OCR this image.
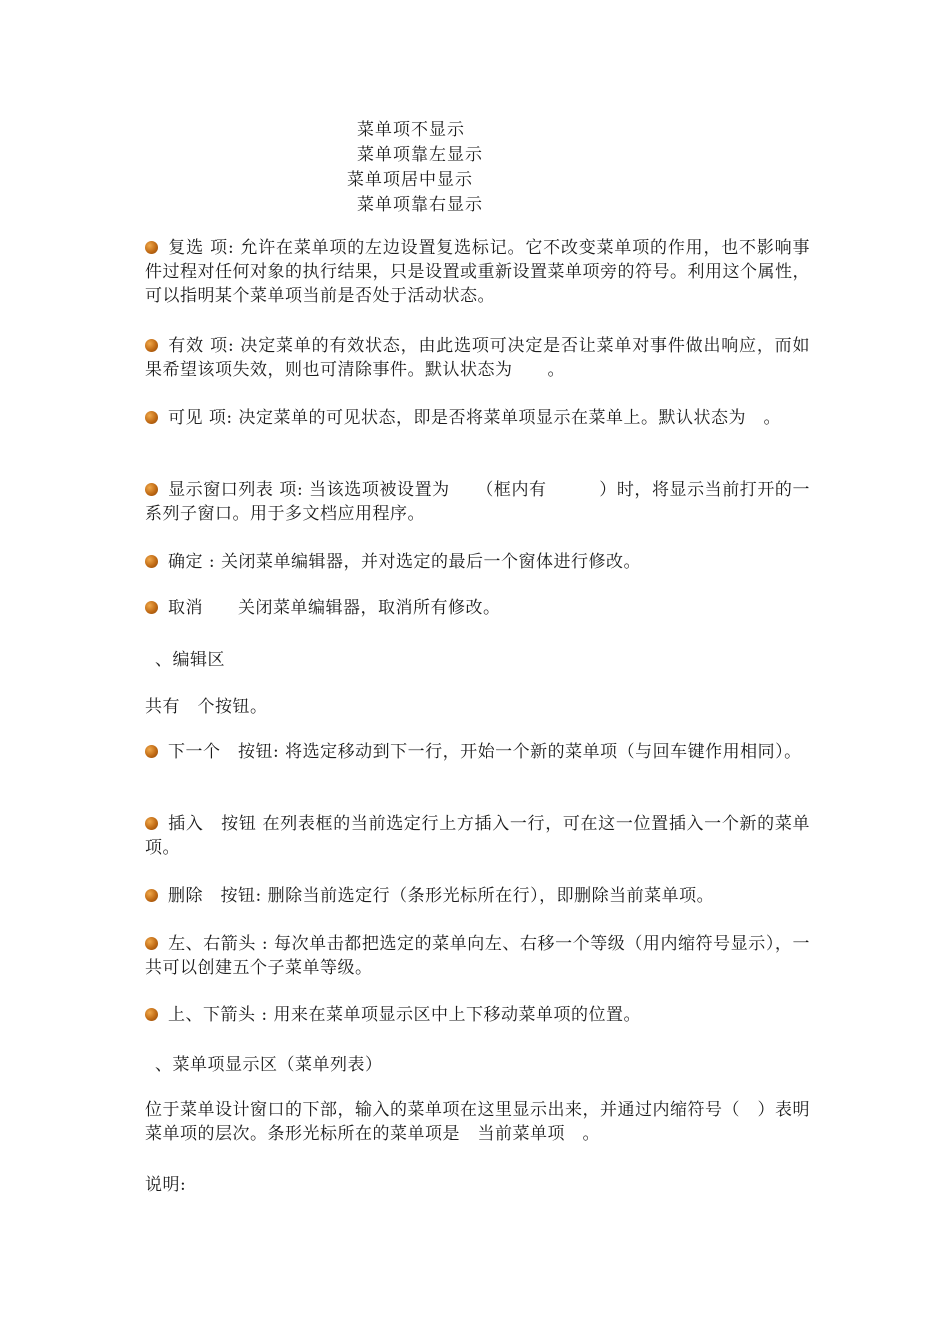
菜单项不显示
菜单项靠左显示
菜单项居中显示
菜单项靠右显示
复选 项: 允许在菜单项的左边设置复选标记。它不改变菜单项的作用，也不影响事件过程对任何对象的执行结果，只是设置或重新设置菜单项旁的符号。利用这个属性，可以指明某个菜单项当前是否处于活动状态。
有效 项: 决定菜单的有效状态，由此选项可决定是否让菜单对事件做出响应，而如果希望该项失效，则也可清除事件。默认状态为　　。
可见 项: 决定菜单的可见状态，即是否将菜单项显示在菜单上。默认状态为　。
显示窗口列表 项: 当该选项被设置为　　（框内有　　　）时，将显示当前打开的一系列子窗口。用于多文档应用程序。
确定 : 关闭菜单编辑器，并对选定的最后一个窗体进行修改。
取消　　关闭菜单编辑器，取消所有修改。
、编辑区
共有　个按钮。
下一个　按钮: 将选定移动到下一行，开始一个新的菜单项（与回车键作用相同）。
插入　按钮 在列表框的当前选定行上方插入一行，可在这一位置插入一个新的菜单项。
删除　按钮: 删除当前选定行（条形光标所在行），即删除当前菜单项。
左、右箭头 : 每次单击都把选定的菜单向左、右移一个等级（用内缩符号显示），一共可以创建五个子菜单等级。
上、下箭头 : 用来在菜单项显示区中上下移动菜单项的位置。
、菜单项显示区（菜单列表）
位于菜单设计窗口的下部，输入的菜单项在这里显示出来，并通过内缩符号（　）表明菜单项的层次。条形光标所在的菜单项是　当前菜单项　。
说明:
